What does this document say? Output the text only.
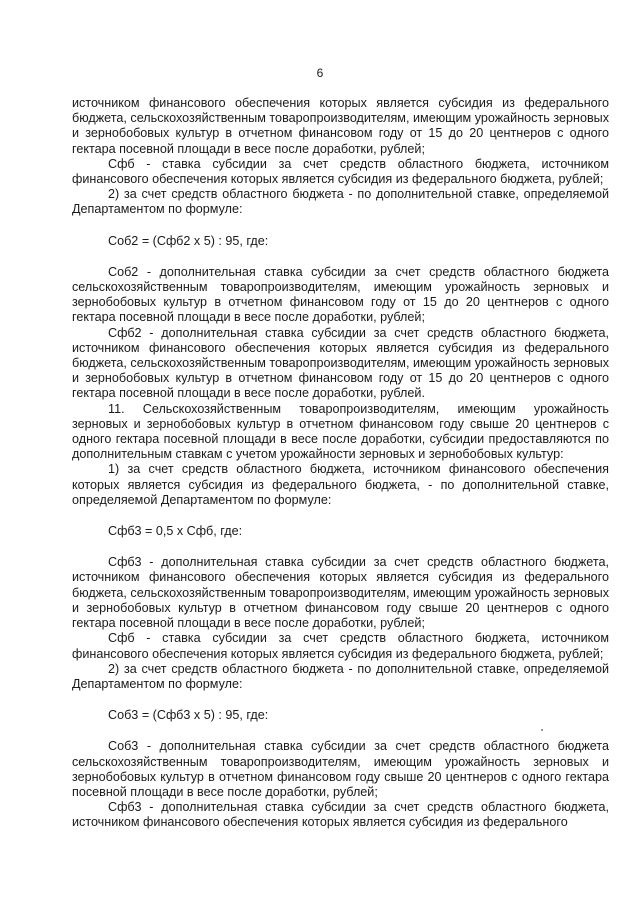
6

источником финансового обеспечения которых является субсидия из федерального бюджета, сельскохозяйственным товаропроизводителям, имеющим урожайность зерновых и зернобобовых культур в отчетном финансовом году от 15 до 20 центнеров с одного гектара посевной площади в весе после доработки, рублей;

Сфб - ставка субсидии за счет средств областного бюджета, источником финансового обеспечения которых является субсидия из федерального бюджета, рублей;

2) за счет средств областного бюджета - по дополнительной ставке, определяемой Департаментом по формуле:

Соб2 = (Сфб2 х 5) : 95, где:

Соб2 - дополнительная ставка субсидии за счет средств областного бюджета сельскохозяйственным товаропроизводителям, имеющим урожайность зерновых и зернобобовых культур в отчетном финансовом году от 15 до 20 центнеров с одного гектара посевной площади в весе после доработки, рублей;

Сфб2 - дополнительная ставка субсидии за счет средств областного бюджета, источником финансового обеспечения которых является субсидия из федерального бюджета, сельскохозяйственным товаропроизводителям, имеющим урожайность зерновых и зернобобовых культур в отчетном финансовом году от 15 до 20 центнеров с одного гектара посевной площади в весе после доработки, рублей.

11. Сельскохозяйственным товаропроизводителям, имеющим урожайность зерновых и зернобобовых культур в отчетном финансовом году свыше 20 центнеров с одного гектара посевной площади в весе после доработки, субсидии предоставляются по дополнительным ставкам с учетом урожайности зерновых и зернобобовых культур:

1) за счет средств областного бюджета, источником финансового обеспечения которых является субсидия из федерального бюджета, - по дополнительной ставке, определяемой Департаментом по формуле:

Сфб3 = 0,5 х Сфб, где:

Сфб3 - дополнительная ставка субсидии за счет средств областного бюджета, источником финансового обеспечения которых является субсидия из федерального бюджета, сельскохозяйственным товаропроизводителям, имеющим урожайность зерновых и зернобобовых культур в отчетном финансовом году свыше 20 центнеров с одного гектара посевной площади в весе после доработки, рублей;

Сфб - ставка субсидии за счет средств областного бюджета, источником финансового обеспечения которых является субсидия из федерального бюджета, рублей;

2) за счет средств областного бюджета - по дополнительной ставке, определяемой Департаментом по формуле:

Соб3 = (Сфб3 х 5) : 95, где:

Соб3 - дополнительная ставка субсидии за счет средств областного бюджета сельскохозяйственным товаропроизводителям, имеющим урожайность зерновых и зернобобовых культур в отчетном финансовом году свыше 20 центнеров с одного гектара посевной площади в весе после доработки, рублей;

Сфб3 - дополнительная ставка субсидии за счет средств областного бюджета, источником финансового обеспечения которых является субсидия из федерального
